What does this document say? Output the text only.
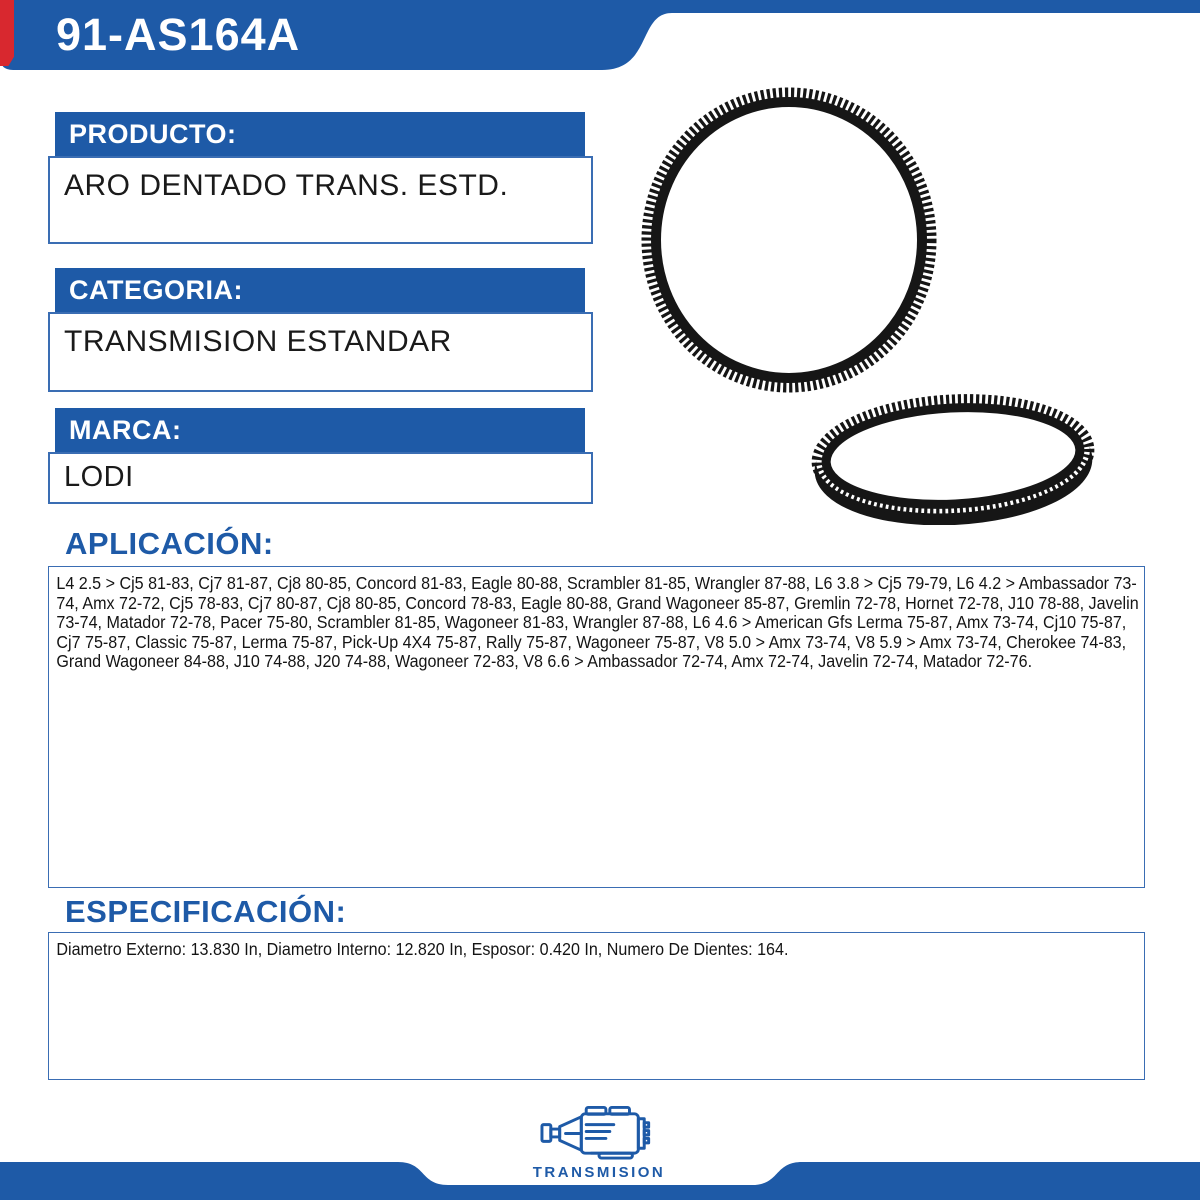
91-AS164A
PRODUCTO:
ARO DENTADO TRANS. ESTD.
CATEGORIA:
TRANSMISION ESTANDAR
MARCA:
LODI
APLICACIÓN:
L4 2.5 > Cj5 81-83, Cj7 81-87, Cj8 80-85, Concord 81-83, Eagle 80-88, Scrambler 81-85, Wrangler 87-88, L6 3.8 > Cj5 79-79, L6 4.2 > Ambassador 73-74, Amx 72-72, Cj5 78-83, Cj7 80-87, Cj8 80-85, Concord 78-83, Eagle 80-88, Grand Wagoneer 85-87, Gremlin 72-78, Hornet 72-78, J10 78-88, Javelin 73-74, Matador 72-78, Pacer 75-80, Scrambler 81-85, Wagoneer 81-83, Wrangler 87-88, L6 4.6 > American Gfs Lerma 75-87, Amx 73-74, Cj10 75-87, Cj7 75-87, Classic 75-87, Lerma 75-87, Pick-Up 4X4 75-87, Rally 75-87, Wagoneer 75-87, V8 5.0 > Amx 73-74, V8 5.9 > Amx 73-74, Cherokee 74-83, Grand Wagoneer 84-88, J10 74-88, J20 74-88, Wagoneer 72-83, V8 6.6 > Ambassador 72-74, Amx 72-74, Javelin 72-74, Matador 72-76.
ESPECIFICACIÓN:
Diametro Externo: 13.830 In, Diametro Interno: 12.820 In, Esposor: 0.420 In, Numero De Dientes: 164.
TRANSMISION
